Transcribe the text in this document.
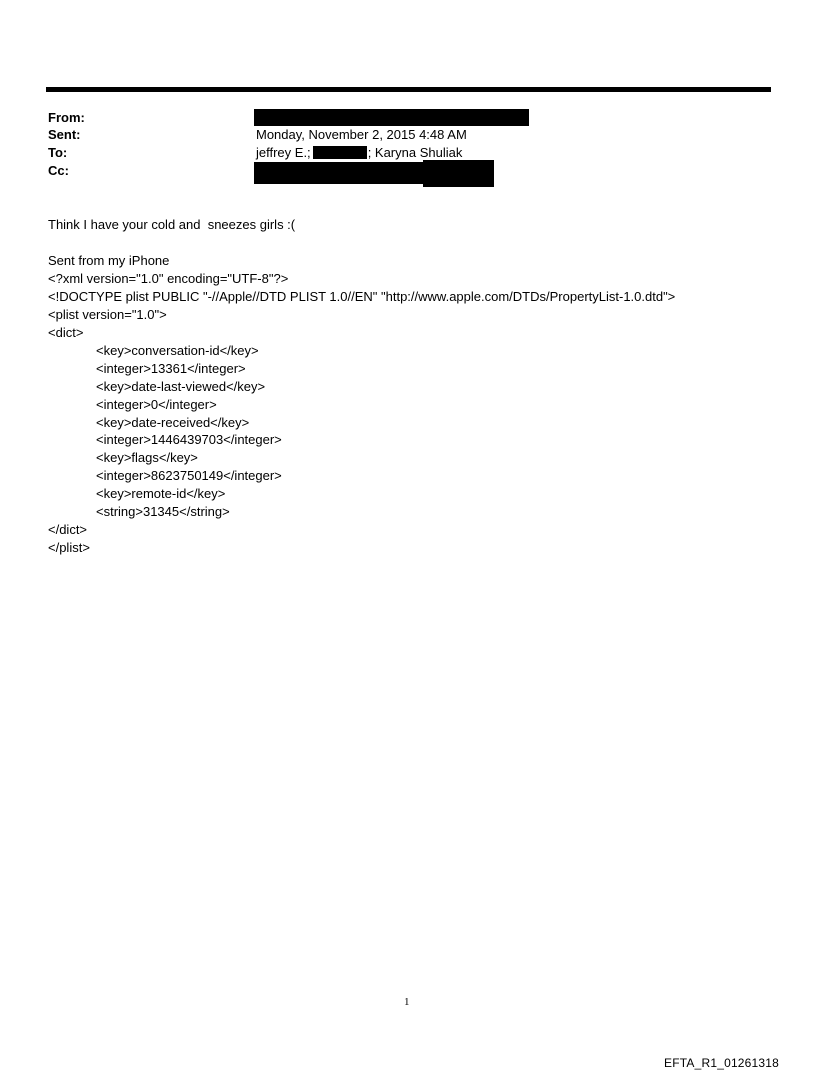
From:
Sent:
To:
Cc:
Monday, November 2, 2015 4:48 AM
jeffrey E.;	; Karyna Shuliak
Think I have your cold and  sneezes girls :(
Sent from my iPhone
<?xml version="1.0" encoding="UTF-8"?>
<!DOCTYPE plist PUBLIC "-//Apple//DTD PLIST 1.0//EN" "http://www.apple.com/DTDs/PropertyList-1.0.dtd">
<plist version="1.0">
<dict>
<key>conversation-id</key>
<integer>13361</integer>
<key>date-last-viewed</key>
<integer>0</integer>
<key>date-received</key>
<integer>1446439703</integer>
<key>flags</key>
<integer>8623750149</integer>
<key>remote-id</key>
<string>31345</string>
</dict>
</plist>
1
EFTA_R1_01261318
